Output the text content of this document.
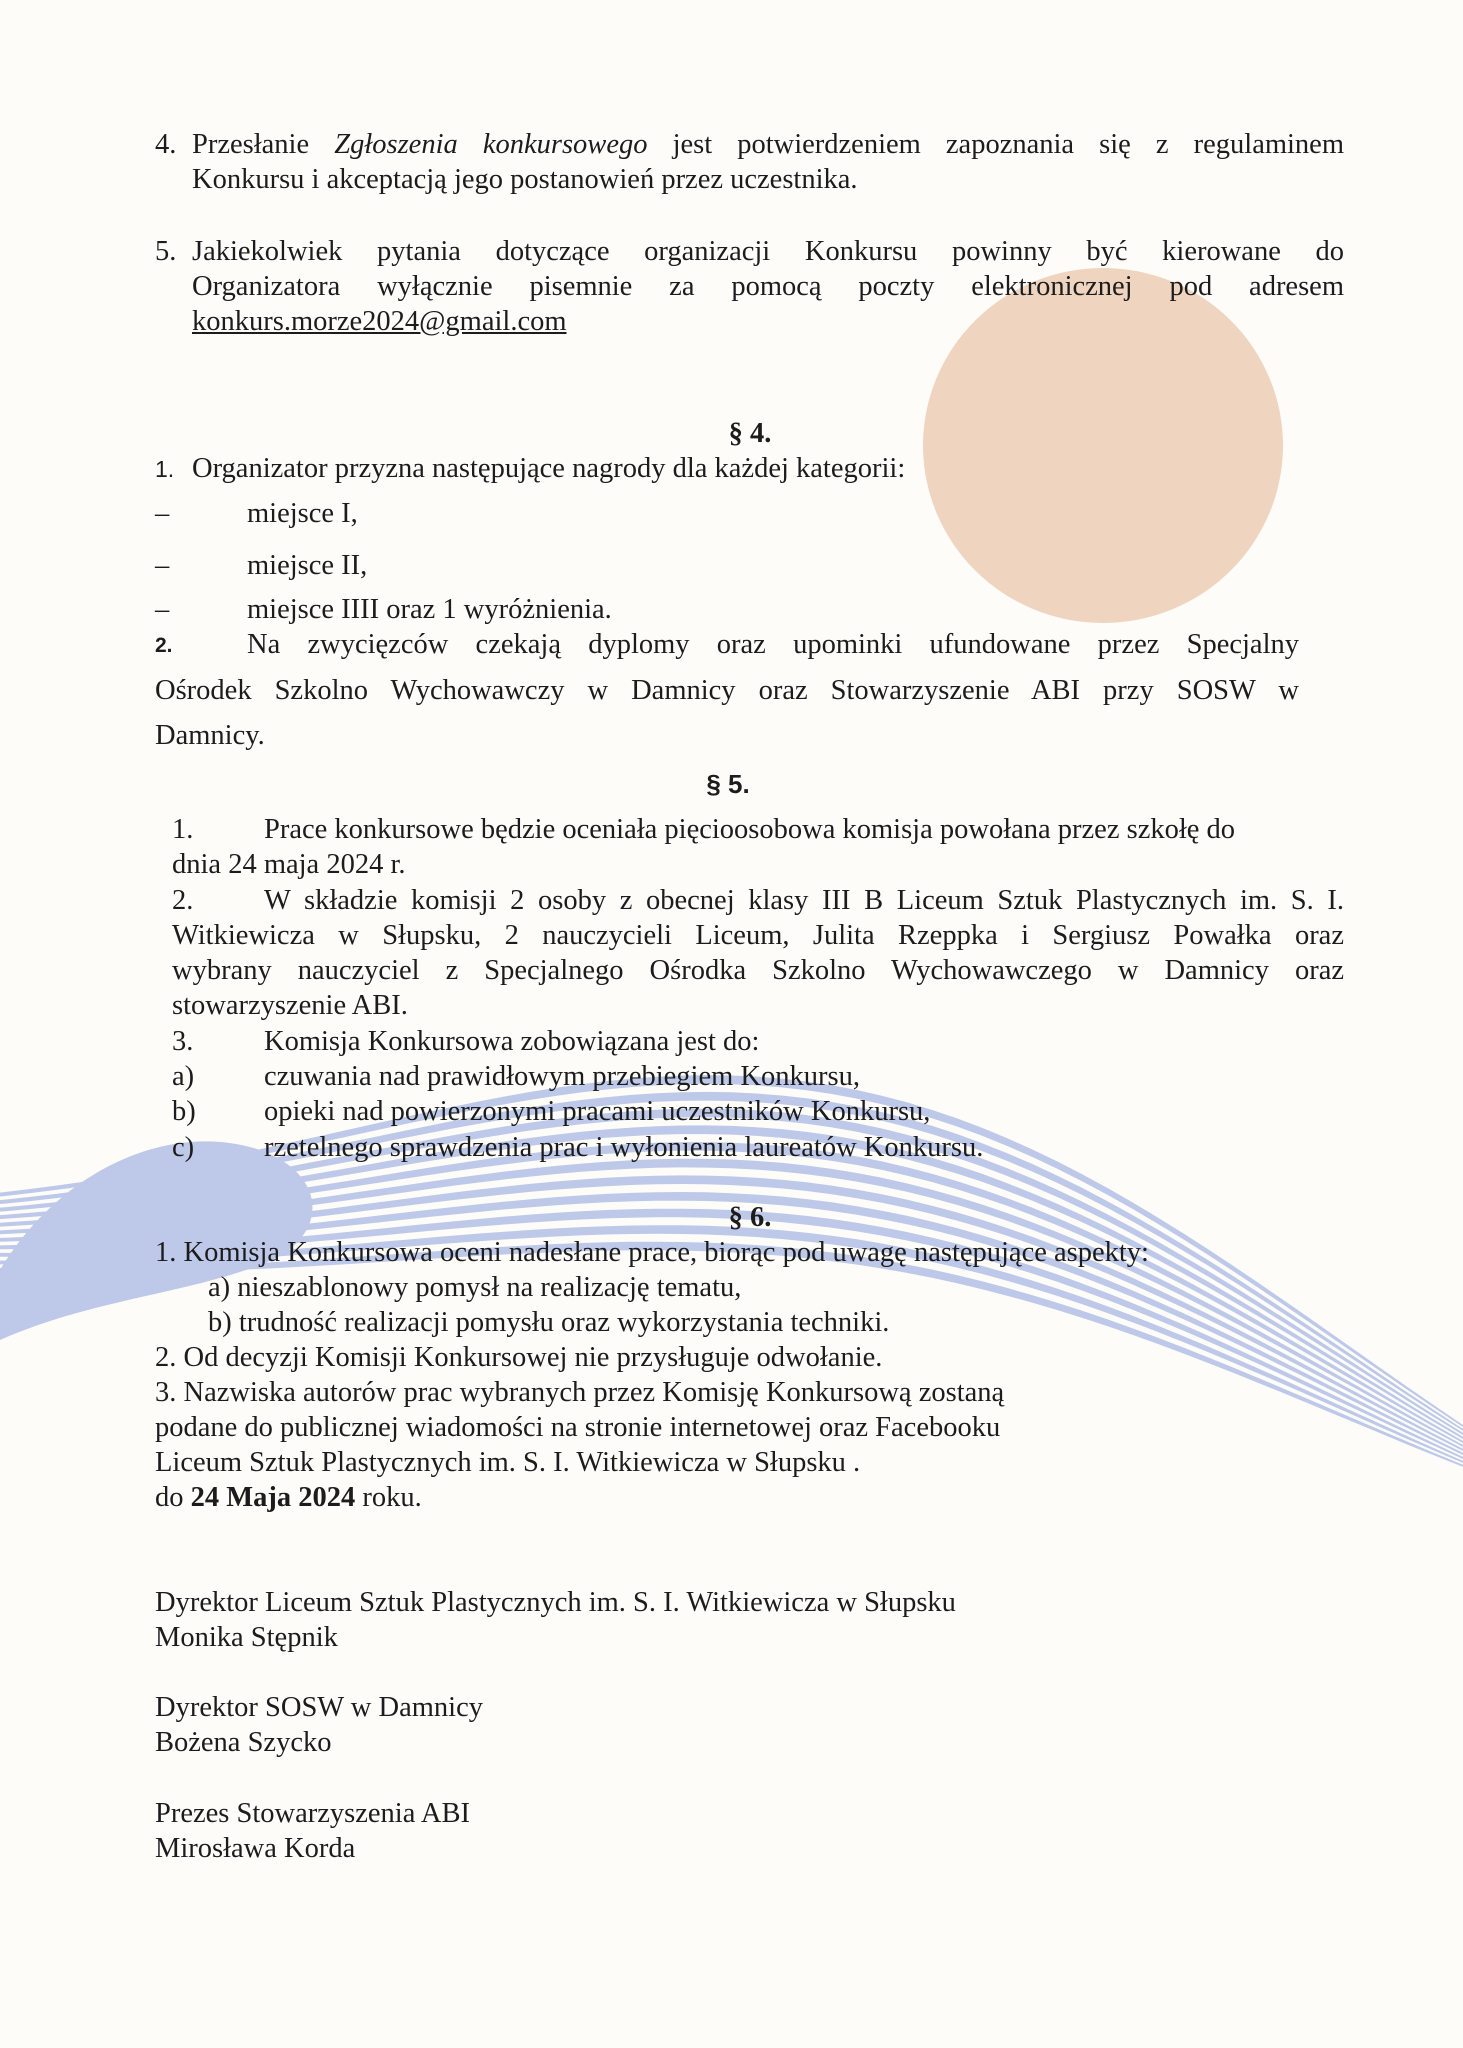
4. Przesłanie Zgłoszenia konkursowego jest potwierdzeniem zapoznania się z regulaminem
Konkursu i akceptacją jego postanowień przez uczestnika.
5. Jakiekolwiek pytania dotyczące organizacji Konkursu powinny być kierowane do
Organizatora wyłącznie pisemnie za pomocą poczty elektronicznej pod adresem
konkurs.morze2024@gmail.com
§ 4.
1. Organizator przyzna następujące nagrody dla każdej kategorii:
–	miejsce I,
–	miejsce II,
–	miejsce IIII oraz 1 wyróżnienia.
2.	Na zwycięzców czekają dyplomy oraz upominki ufundowane przez Specjalny
Ośrodek Szkolno Wychowawczy w Damnicy oraz Stowarzyszenie ABI przy SOSW w
Damnicy.
§ 5.
1. Prace konkursowe będzie oceniała pięcioosobowa komisja powołana przez szkołę do
dnia 24 maja 2024 r.
2. W składzie komisji 2 osoby z obecnej klasy III B Liceum Sztuk Plastycznych im. S. I.
Witkiewicza w Słupsku, 2 nauczycieli Liceum, Julita Rzeppka i Sergiusz Powałka oraz
wybrany nauczyciel z Specjalnego Ośrodka Szkolno Wychowawczego w Damnicy oraz
stowarzyszenie ABI.
3. Komisja Konkursowa zobowiązana jest do:
a) czuwania nad prawidłowym przebiegiem Konkursu,
b) opieki nad powierzonymi pracami uczestników Konkursu,
c) rzetelnego sprawdzenia prac i wyłonienia laureatów Konkursu.
§ 6.
1. Komisja Konkursowa oceni nadesłane prace, biorąc pod uwagę następujące aspekty:
a) nieszablonowy pomysł na realizację tematu,
b) trudność realizacji pomysłu oraz wykorzystania techniki.
2. Od decyzji Komisji Konkursowej nie przysługuje odwołanie.
3. Nazwiska autorów prac wybranych przez Komisję Konkursową zostaną
podane do publicznej wiadomości na stronie internetowej oraz Facebooku
Liceum Sztuk Plastycznych im. S. I. Witkiewicza w Słupsku .
do 24 Maja 2024 roku.
Dyrektor Liceum Sztuk Plastycznych im. S. I. Witkiewicza w Słupsku
Monika Stępnik
Dyrektor SOSW w Damnicy
Bożena Szycko
Prezes Stowarzyszenia ABI
Mirosława Korda
